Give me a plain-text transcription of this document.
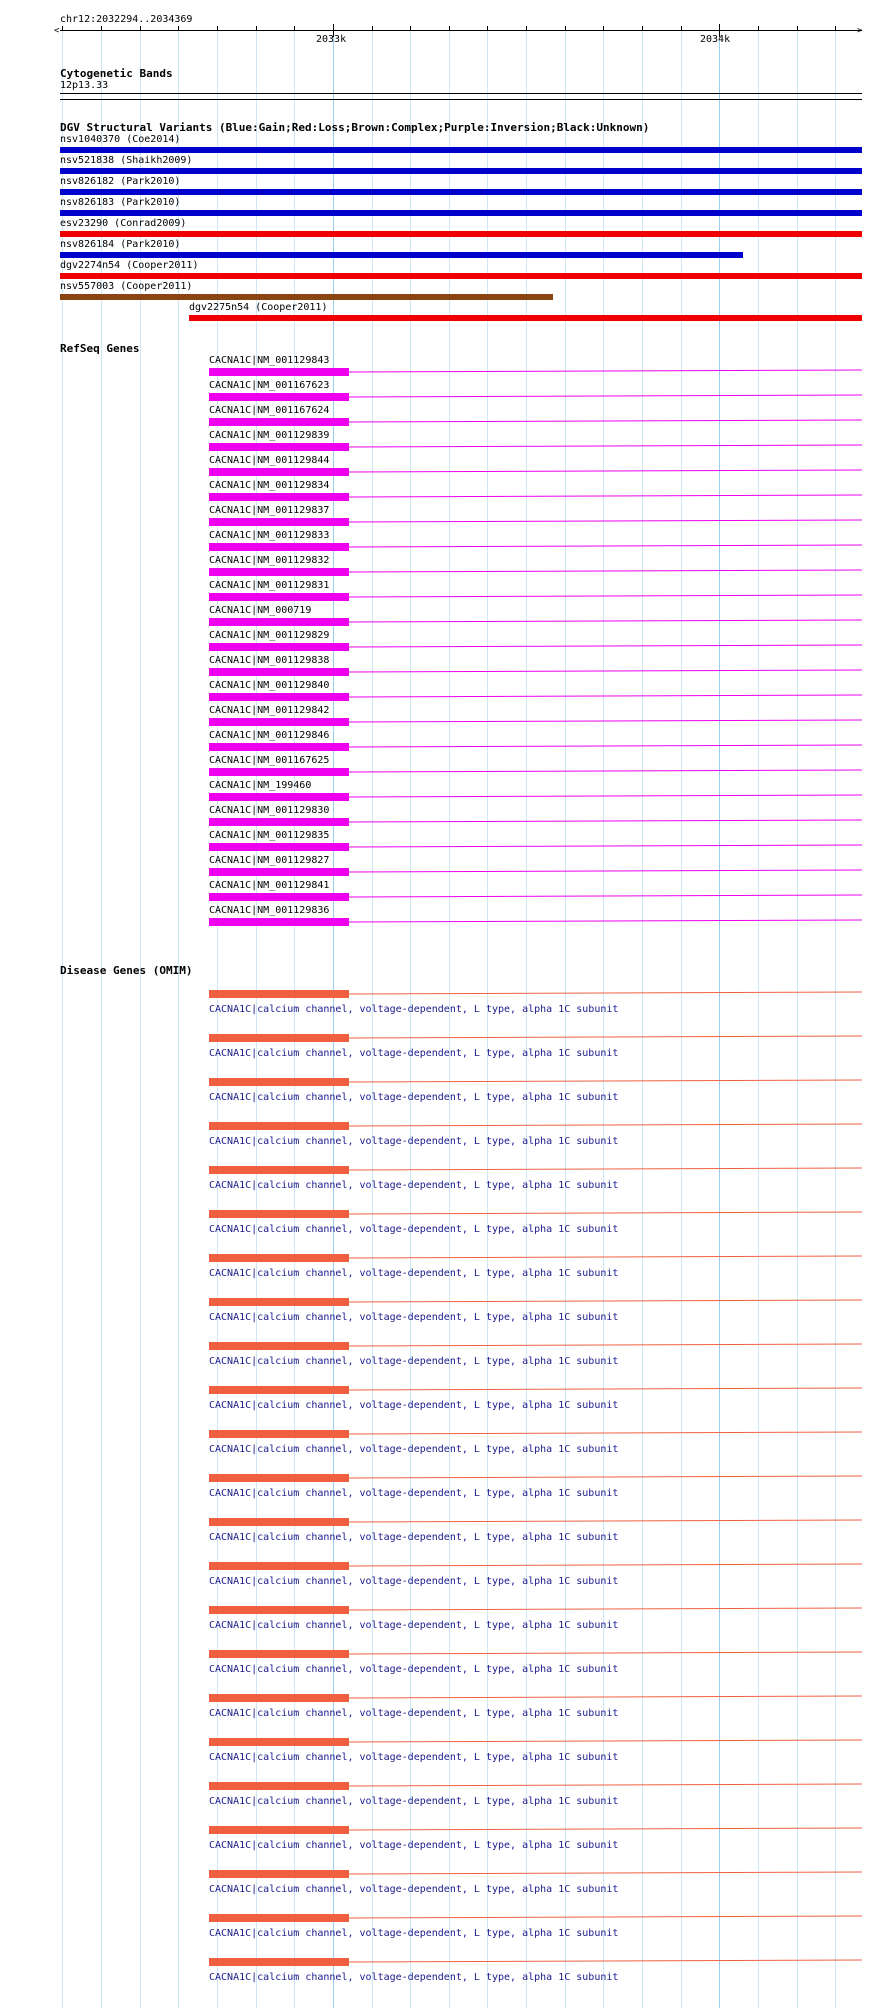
chr12:2032294..2034369
<	>
2033k	2034k
Cytogenetic Bands
12p13.33
DGV Structural Variants (Blue:Gain;Red:Loss;Brown:Complex;Purple:Inversion;Black:Unknown)
nsv1040370 (Coe2014)
nsv521838 (Shaikh2009)
nsv826182 (Park2010)
nsv826183 (Park2010)
esv23290 (Conrad2009)
nsv826184 (Park2010)
dgv2274n54 (Cooper2011)
nsv557003 (Cooper2011)
dgv2275n54 (Cooper2011)
RefSeq Genes
CACNA1C|NM_001129843
CACNA1C|NM_001167623
CACNA1C|NM_001167624
CACNA1C|NM_001129839
CACNA1C|NM_001129844
CACNA1C|NM_001129834
CACNA1C|NM_001129837
CACNA1C|NM_001129833
CACNA1C|NM_001129832
CACNA1C|NM_001129831
CACNA1C|NM_000719
CACNA1C|NM_001129829
CACNA1C|NM_001129838
CACNA1C|NM_001129840
CACNA1C|NM_001129842
CACNA1C|NM_001129846
CACNA1C|NM_001167625
CACNA1C|NM_199460
CACNA1C|NM_001129830
CACNA1C|NM_001129835
CACNA1C|NM_001129827
CACNA1C|NM_001129841
CACNA1C|NM_001129836
Disease Genes (OMIM)
CACNA1C|calcium channel, voltage-dependent, L type, alpha 1C subunit
CACNA1C|calcium channel, voltage-dependent, L type, alpha 1C subunit
CACNA1C|calcium channel, voltage-dependent, L type, alpha 1C subunit
CACNA1C|calcium channel, voltage-dependent, L type, alpha 1C subunit
CACNA1C|calcium channel, voltage-dependent, L type, alpha 1C subunit
CACNA1C|calcium channel, voltage-dependent, L type, alpha 1C subunit
CACNA1C|calcium channel, voltage-dependent, L type, alpha 1C subunit
CACNA1C|calcium channel, voltage-dependent, L type, alpha 1C subunit
CACNA1C|calcium channel, voltage-dependent, L type, alpha 1C subunit
CACNA1C|calcium channel, voltage-dependent, L type, alpha 1C subunit
CACNA1C|calcium channel, voltage-dependent, L type, alpha 1C subunit
CACNA1C|calcium channel, voltage-dependent, L type, alpha 1C subunit
CACNA1C|calcium channel, voltage-dependent, L type, alpha 1C subunit
CACNA1C|calcium channel, voltage-dependent, L type, alpha 1C subunit
CACNA1C|calcium channel, voltage-dependent, L type, alpha 1C subunit
CACNA1C|calcium channel, voltage-dependent, L type, alpha 1C subunit
CACNA1C|calcium channel, voltage-dependent, L type, alpha 1C subunit
CACNA1C|calcium channel, voltage-dependent, L type, alpha 1C subunit
CACNA1C|calcium channel, voltage-dependent, L type, alpha 1C subunit
CACNA1C|calcium channel, voltage-dependent, L type, alpha 1C subunit
CACNA1C|calcium channel, voltage-dependent, L type, alpha 1C subunit
CACNA1C|calcium channel, voltage-dependent, L type, alpha 1C subunit
CACNA1C|calcium channel, voltage-dependent, L type, alpha 1C subunit
